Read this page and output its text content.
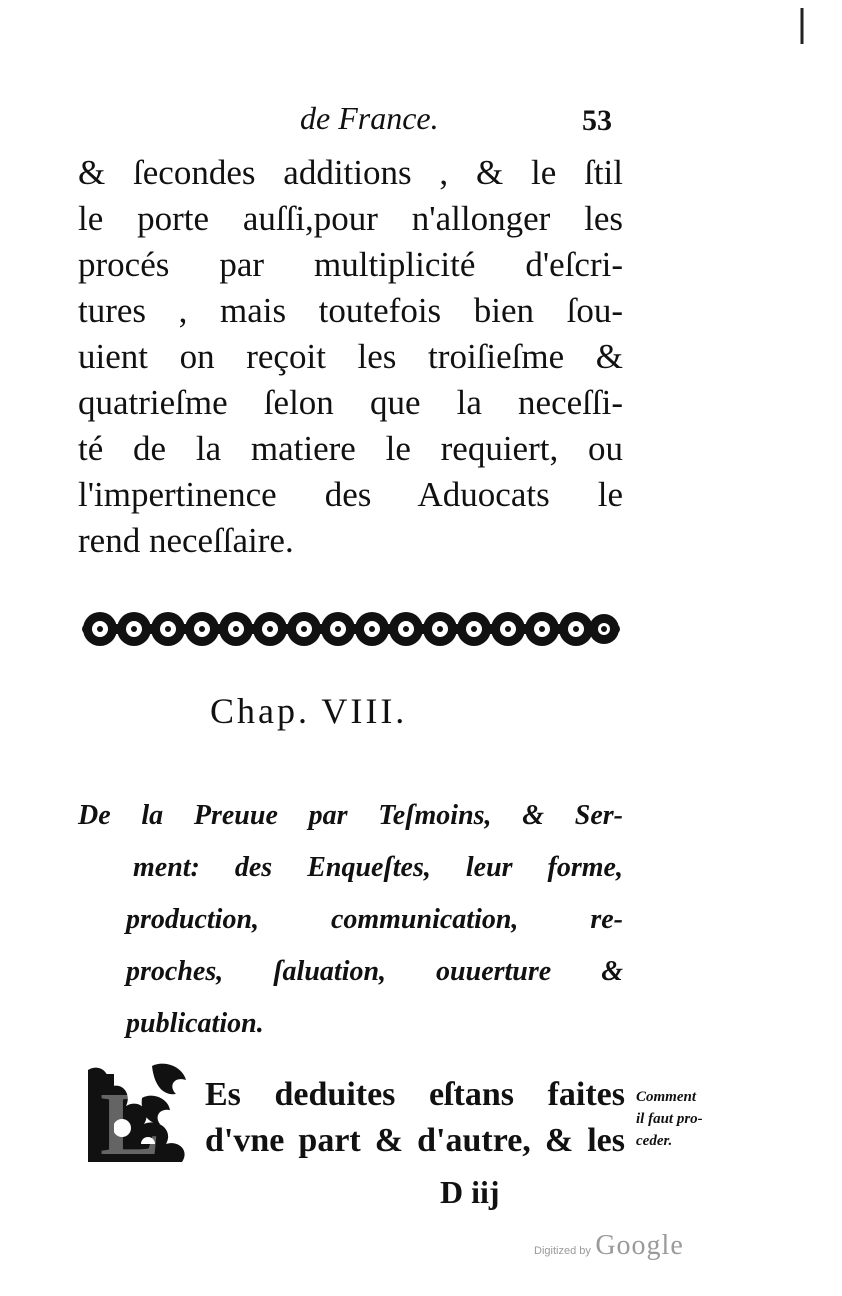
de France.	53
& ſecondes additions , & le ſtil
le porte auſſi,pour n'allonger les
procés par multiplicité d'eſcri-
tures , mais toutefois bien ſou-
uient on reçoit les troiſieſme &
quatrieſme ſelon que la neceſſi-
té de la matiere le requiert, ou
l'impertinence des Aduocats le
rend neceſſaire.
Chap. VIII.
De la Preuue par Teſmoins, & Ser-
ment: des Enqueſtes, leur forme,
production, communication, re-
proches, ſaluation, ouuerture &
publication.
L Es deduites eſtans faites
d'vne part & d'autre, & les
Comment
il faut pro-
ceder.
D iij
Digitized by Google
